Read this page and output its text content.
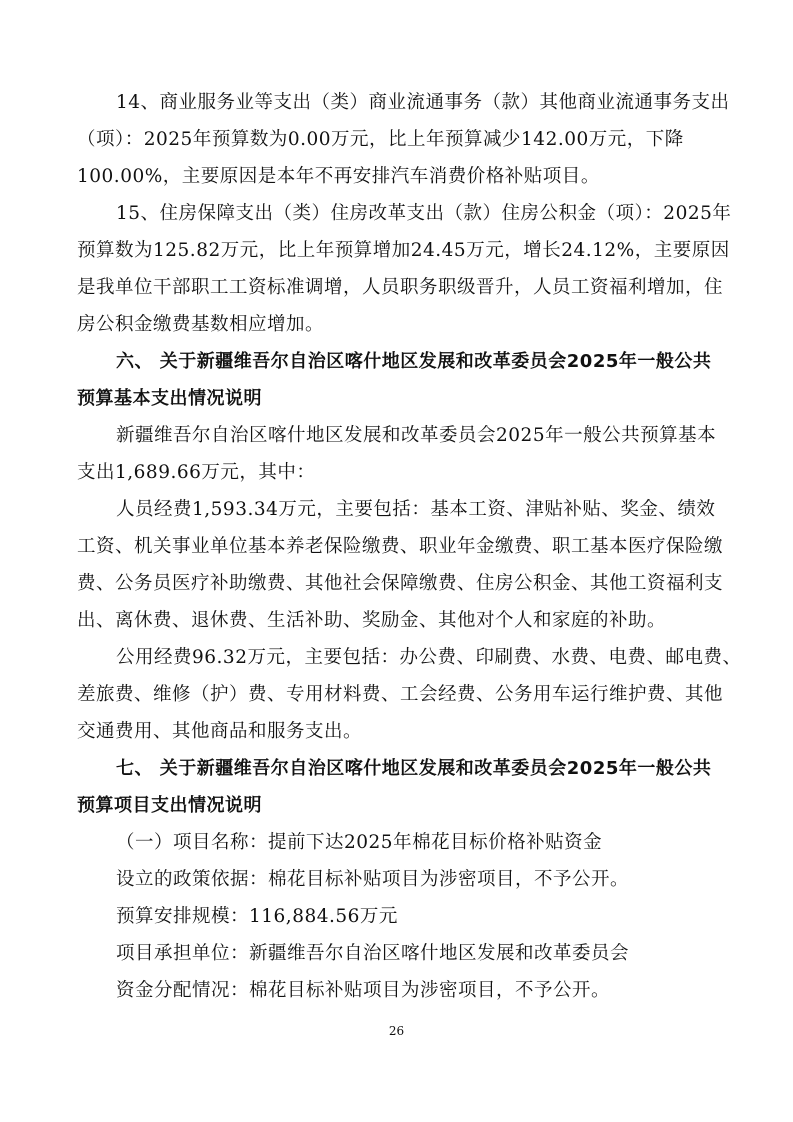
14、商业服务业等支出（类）商业流通事务（款）其他商业流通事务支出
（项）：2025年预算数为0.00万元，比上年预算减少142.00万元，下降
100.00%，主要原因是本年不再安排汽车消费价格补贴项目。
15、住房保障支出（类）住房改革支出（款）住房公积金（项）：2025年
预算数为125.82万元，比上年预算增加24.45万元，增长24.12%，主要原因
是我单位干部职工工资标准调增，人员职务职级晋升，人员工资福利增加，住
房公积金缴费基数相应增加。
六、 关于新疆维吾尔自治区喀什地区发展和改革委员会2025年一般公共
预算基本支出情况说明
新疆维吾尔自治区喀什地区发展和改革委员会2025年一般公共预算基本
支出1,689.66万元，其中：
人员经费1,593.34万元，主要包括：基本工资、津贴补贴、奖金、绩效
工资、机关事业单位基本养老保险缴费、职业年金缴费、职工基本医疗保险缴
费、公务员医疗补助缴费、其他社会保障缴费、住房公积金、其他工资福利支
出、离休费、退休费、生活补助、奖励金、其他对个人和家庭的补助。
公用经费96.32万元，主要包括：办公费、印刷费、水费、电费、邮电费、
差旅费、维修（护）费、专用材料费、工会经费、公务用车运行维护费、其他
交通费用、其他商品和服务支出。
七、 关于新疆维吾尔自治区喀什地区发展和改革委员会2025年一般公共
预算项目支出情况说明
（一）项目名称：提前下达2025年棉花目标价格补贴资金
设立的政策依据：棉花目标补贴项目为涉密项目，不予公开。
预算安排规模：116,884.56万元
项目承担单位：新疆维吾尔自治区喀什地区发展和改革委员会
资金分配情况：棉花目标补贴项目为涉密项目，不予公开。
26
